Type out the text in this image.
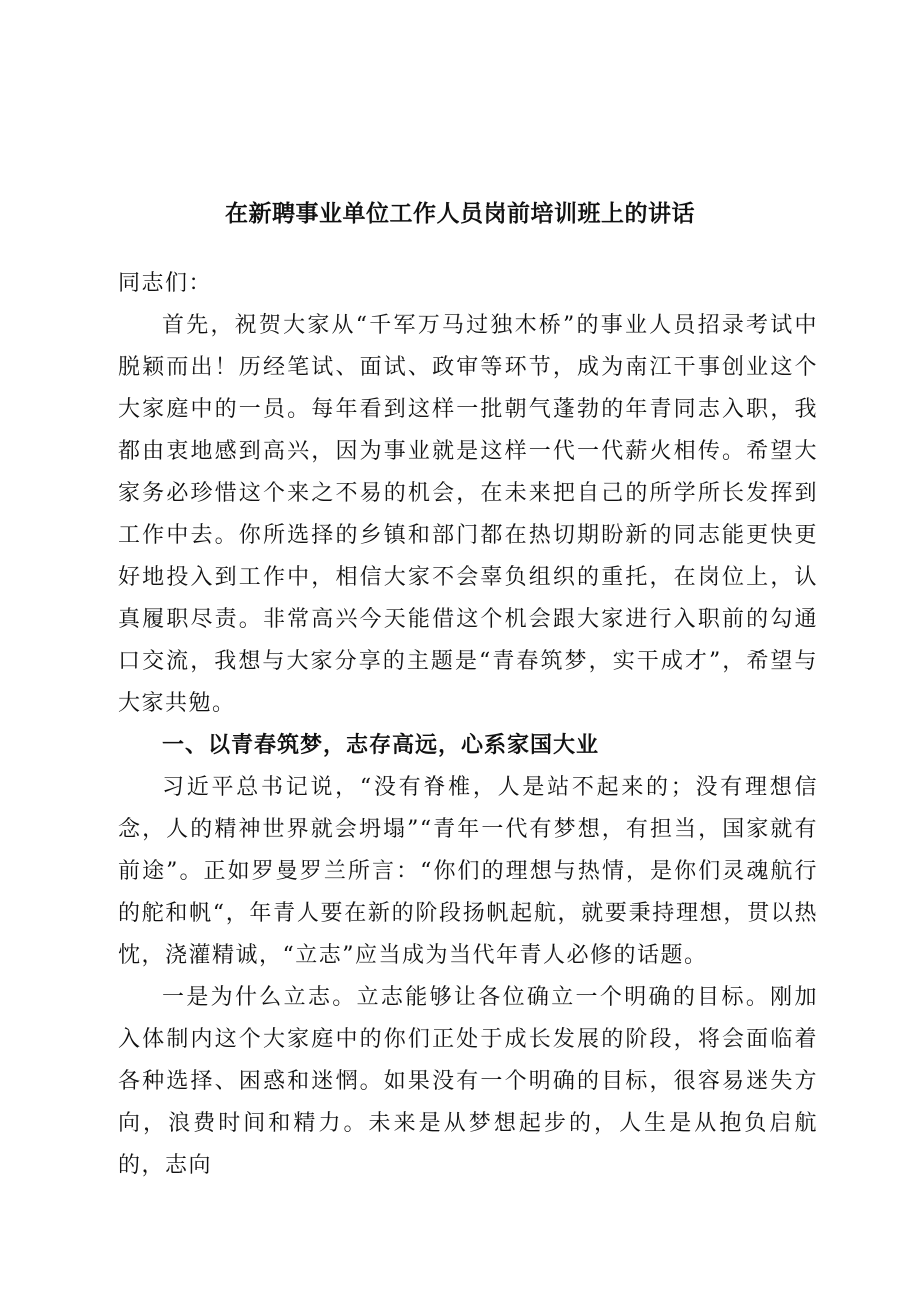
在新聘事业单位工作人员岗前培训班上的讲话

同志们：

首先，祝贺大家从“千军万马过独木桥”的事业人员招录考试中脱颖而出！历经笔试、面试、政审等环节，成为南江干事创业这个大家庭中的一员。每年看到这样一批朝气蓬勃的年青同志入职，我都由衷地感到高兴，因为事业就是这样一代一代薪火相传。希望大家务必珍惜这个来之不易的机会，在未来把自己的所学所长发挥到工作中去。你所选择的乡镇和部门都在热切期盼新的同志能更快更好地投入到工作中，相信大家不会辜负组织的重托，在岗位上，认真履职尽责。非常高兴今天能借这个机会跟大家进行入职前的勾通口交流，我想与大家分享的主题是“青春筑梦，实干成才”，希望与大家共勉。

一、以青春筑梦，志存高远，心系家国大业

习近平总书记说，“没有脊椎，人是站不起来的；没有理想信念，人的精神世界就会坍塌”“青年一代有梦想，有担当，国家就有前途”。正如罗曼罗兰所言：“你们的理想与热情，是你们灵魂航行的舵和帆“，年青人要在新的阶段扬帆起航，就要秉持理想，贯以热忱，浇灌精诚，“立志”应当成为当代年青人必修的话题。

一是为什么立志。立志能够让各位确立一个明确的目标。刚加入体制内这个大家庭中的你们正处于成长发展的阶段，将会面临着各种选择、困惑和迷惘。如果没有一个明确的目标，很容易迷失方向，浪费时间和精力。未来是从梦想起步的，人生是从抱负启航的，志向
